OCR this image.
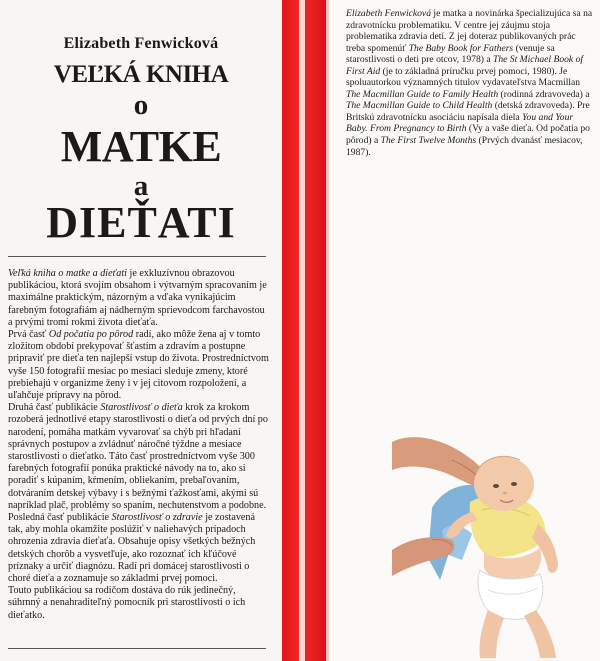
Elizabeth Fenwicková
VEĽKÁ KNIHA
o
MATKE
a
DIEŤATI

Veľká kniha o matke a dieťati je exkluzívnou obrazovou publikáciou, ktorá svojím obsahom i výtvarným spracovaním je maximálne praktickým, názorným a vďaka vynikajúcim farebným fotografiám aj nádherným sprievodcom farchavostou a prvými tromi rokmi života dieťaťa.

Prvá časť Od počatia po pôrod radí, ako môže žena aj v tomto zložitom období prekypovať šťastím a zdravím a postupne pripraviť pre dieťa ten najlepší vstup do života. Prostredníctvom vyše 150 fotografií mesiac po mesiaci sleduje zmeny, ktoré prebiehajú v organizme ženy i v jej citovom rozpoložení, a uľahčuje prípravy na pôrod.

Druhá časť publikácie Starostlivosť o dieťa krok za krokom rozoberá jednotlivé etapy starostlivosti o dieťa od prvých dní po narodení, pomáha matkám vyvarovať sa chýb pri hľadaní správnych postupov a zvládnuť náročné týždne a mesiace starostlivosti o dieťatko. Táto časť prostredníctvom vyše 300 farebných fotografií ponúka praktické návody na to, ako si poradiť s kúpaním, kŕmením, obliekaním, prebaľovaním, dotváraním detskej výbavy i s bežnými ťažkosťami, akými sú napríklad plač, problémy so spaním, nechutenstvom a podobne.

Posledná časť publikácie Starostlivosť o zdravie je zostavená tak, aby mohla okamžite poslúžiť v naliehavých prípadoch ohrozenia zdravia dieťaťa. Obsahuje opisy všetkých bežných detských chorôb a vysvetľuje, ako rozoznať ich kľúčové príznaky a určiť diagnózu. Radí pri domácej starostlivosti o choré dieťa a zoznamuje so základmi prvej pomoci.

Touto publikáciou sa rodičom dostáva do rúk jedinečný, súhrnný a nenahraditeľný pomocník pri starostlivosti o ich dieťatko.

Elizabeth Fenwicková je matka a novinárka špecializujúca sa na zdravotnícku problematiku. V centre jej záujmu stoja problematika zdravia detí. Z jej doteraz publikovaných prác treba spomenúť The Baby Book for Fathers (venuje sa starostlivosti o deti pre otcov, 1978) a The St Michael Book of First Aid (je to základná príručku prvej pomoci, 1980). Je spoluautorkou významných titulov vydavateľstva Macmillan The Macmillan Guide to Family Health (rodinná zdravoveda) a The Macmillan Guide to Child Health (detská zdravoveda). Pre Britskú zdravotnícku asociáciu napísala diela You and Your Baby. From Pregnancy to Birth (Vy a vaše dieťa. Od počatia po pôrod) a The First Twelve Months (Prvých dvanásť mesiacov, 1987).
